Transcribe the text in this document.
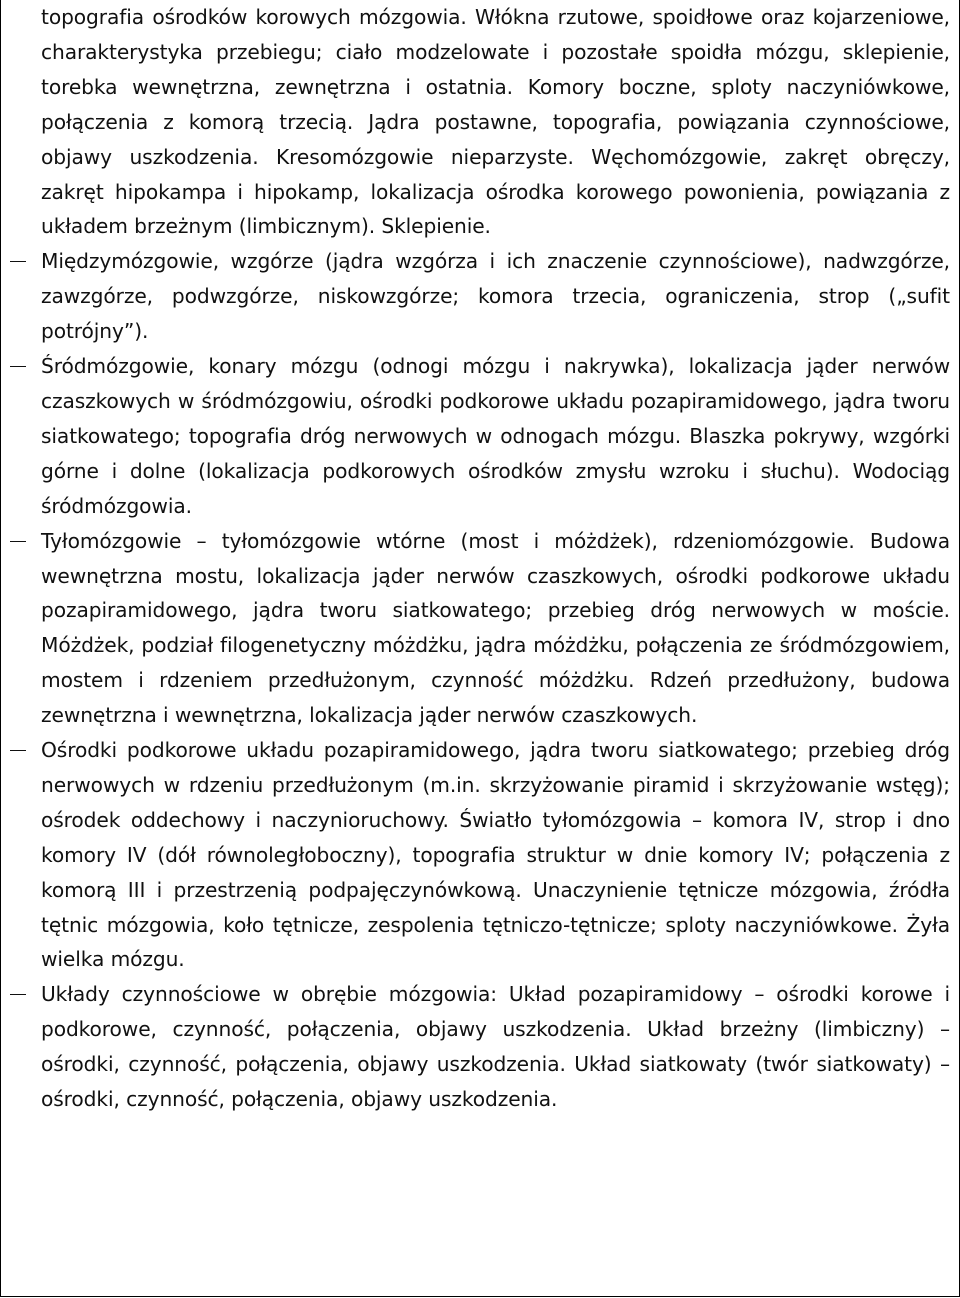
topografia ośrodków korowych mózgowia. Włókna rzutowe, spoidłowe oraz kojarzeniowe, charakterystyka przebiegu; ciało modzelowate i pozostałe spoidła mózgu, sklepienie, torebka wewnętrzna, zewnętrzna i ostatnia. Komory boczne, sploty naczyniówkowe, połączenia z komorą trzecią. Jądra postawne, topografia, powiązania czynnościowe, objawy uszkodzenia. Kresomózgowie nieparzyste. Węchomózgowie, zakręt obręczy, zakręt hipokampa i hipokamp, lokalizacja ośrodka korowego powonienia, powiązania z układem brzeżnym (limbicznym). Sklepienie.

Międzymózgowie, wzgórze (jądra wzgórza i ich znaczenie czynnościowe), nadwzgórze, zawzgórze, podwzgórze, niskowzgórze; komora trzecia, ograniczenia, strop („sufit potrójny”).

Śródmózgowie, konary mózgu (odnogi mózgu i nakrywka), lokalizacja jąder nerwów czaszkowych w śródmózgowiu, ośrodki podkorowe układu pozapiramidowego, jądra tworu siatkowatego; topografia dróg nerwowych w odnogach mózgu. Blaszka pokrywy, wzgórki górne i dolne (lokalizacja podkorowych ośrodków zmysłu wzroku i słuchu). Wodociąg śródmózgowia.

Tyłomózgowie – tyłomózgowie wtórne (most i móżdżek), rdzeniomózgowie. Budowa wewnętrzna mostu, lokalizacja jąder nerwów czaszkowych, ośrodki podkorowe układu pozapiramidowego, jądra tworu siatkowatego; przebieg dróg nerwowych w moście. Móżdżek, podział filogenetyczny móżdżku, jądra móżdżku, połączenia ze śródmózgowiem, mostem i rdzeniem przedłużonym, czynność móżdżku. Rdzeń przedłużony, budowa zewnętrzna i wewnętrzna, lokalizacja jąder nerwów czaszkowych.

Ośrodki podkorowe układu pozapiramidowego, jądra tworu siatkowatego; przebieg dróg nerwowych w rdzeniu przedłużonym (m.in. skrzyżowanie piramid i skrzyżowanie wstęg); ośrodek oddechowy i naczynioruchowy. Światło tyłomózgowia – komora IV, strop i dno komory IV (dół równoległoboczny), topografia struktur w dnie komory IV; połączenia z komorą III i przestrzenią podpajęczynówkową. Unaczynienie tętnicze mózgowia, źródła tętnic mózgowia, koło tętnicze, zespolenia tętniczo-tętnicze; sploty naczyniówkowe. Żyła wielka mózgu.

Układy czynnościowe w obrębie mózgowia: Układ pozapiramidowy – ośrodki korowe i podkorowe, czynność, połączenia, objawy uszkodzenia. Układ brzeżny (limbiczny) – ośrodki, czynność, połączenia, objawy uszkodzenia. Układ siatkowaty (twór siatkowaty) – ośrodki, czynność, połączenia, objawy uszkodzenia.
